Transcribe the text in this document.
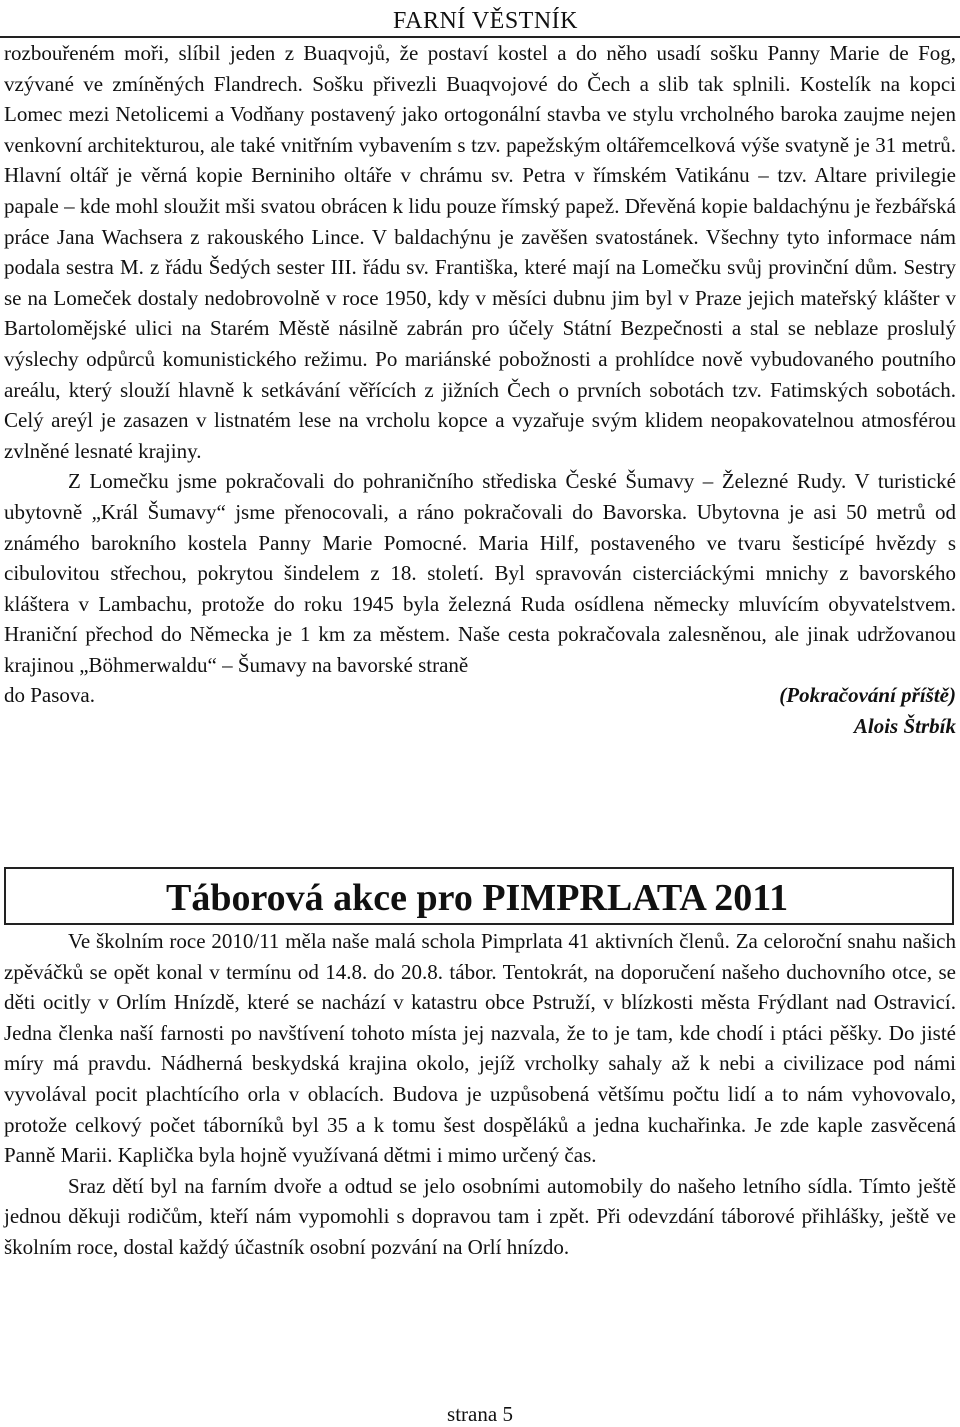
FARNÍ VĚSTNÍK

rozbouřeném moři, slíbil jeden z Buaqvojů, že postaví kostel a do něho usadí sošku Panny Marie de Fog, vzývané ve zmíněných Flandrech. Sošku přivezli Buaqvojové do Čech a slib tak splnili. Kostelík na kopci Lomec mezi Netolicemi a Vodňany postavený jako ortogonální stavba ve stylu vrcholného baroka zaujme nejen venkovní architekturou, ale také vnitřním vybavením s tzv. papežským oltářemcelková výše svatyně je 31 metrů. Hlavní oltář je věrná kopie Berniniho oltáře v chrámu sv. Petra v římském Vatikánu – tzv. Altare privilegie papale – kde mohl sloužit mši svatou obrácen k lidu pouze římský papež. Dřevěná kopie baldachýnu je řezbářská práce Jana Wachsera z rakouského Lince. V baldachýnu je zavěšen svatostánek. Všechny tyto informace nám podala sestra M. z řádu Šedých sester III. řádu sv. Františka, které mají na Lomečku svůj provinční dům. Sestry se na Lomeček dostaly nedobrovolně v roce 1950, kdy v měsíci dubnu jim byl v Praze jejich mateřský klášter v Bartolomějské ulici na Starém Městě násilně zabrán pro účely Státní Bezpečnosti a stal se neblaze proslulý výslechy odpůrců komunistického režimu. Po mariánské pobožnosti a prohlídce nově vybudovaného poutního areálu, který slouží hlavně k setkávání věřících z jižních Čech o prvních sobotách tzv. Fatimských sobotách. Celý areýl je zasazen v listnatém lese na vrcholu kopce a vyzařuje svým klidem neopakovatelnou atmosférou zvlněné lesnaté krajiny.

Z Lomečku jsme pokračovali do pohraničního střediska České Šumavy – Železné Rudy. V turistické ubytovně „Král Šumavy“ jsme přenocovali, a ráno pokračovali do Bavorska. Ubytovna je asi 50 metrů od známého barokního kostela Panny Marie Pomocné. Maria Hilf, postaveného ve tvaru šesticípé hvězdy s cibulovitou střechou, pokrytou šindelem z 18. století. Byl spravován cisterciáckými mnichy z bavorského kláštera v Lambachu, protože do roku 1945 byla železná Ruda osídlena německy mluvícím obyvatelstvem. Hraniční přechod do Německa je 1 km za městem. Naše cesta pokračovala zalesněnou, ale jinak udržovanou krajinou „Böhmerwaldu“ – Šumavy na bavorské straně

do Pasova.	(Pokračování příště)
Alois Štrbík
Táborová akce pro PIMPRLATA 2011

Ve školním roce 2010/11 měla naše malá schola Pimprlata 41 aktivních členů. Za celoroční snahu našich zpěváčků se opět konal v termínu od 14.8. do 20.8. tábor. Tentokrát, na doporučení našeho duchovního otce, se děti ocitly v Orlím Hnízdě, které se nachází v katastru obce Pstruží, v blízkosti města Frýdlant nad Ostravicí. Jedna členka naší farnosti po navštívení tohoto místa jej nazvala, že to je tam, kde chodí i ptáci pěšky. Do jisté míry má pravdu. Nádherná beskydská krajina okolo, jejíž vrcholky sahaly až k nebi a civilizace pod námi vyvolával pocit plachtícího orla v oblacích. Budova je uzpůsobená většímu počtu lidí a to nám vyhovovalo, protože celkový počet táborníků byl 35 a k tomu šest dospěláků a jedna kuchařinka. Je zde kaple zasvěcená Panně Marii. Kaplička byla hojně využívaná dětmi i mimo určený čas.

Sraz dětí byl na farním dvoře a odtud se jelo osobními automobily do našeho letního sídla. Tímto ještě jednou děkuji rodičům, kteří nám vypomohli s dopravou tam i zpět. Při odevzdání táborové přihlášky, ještě ve školním roce, dostal každý účastník osobní pozvání na Orlí hnízdo.

strana 5
